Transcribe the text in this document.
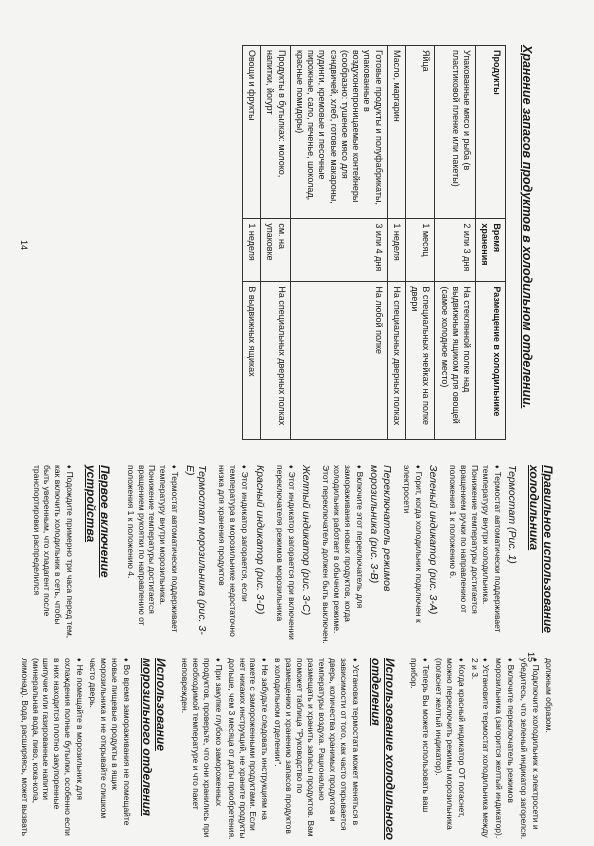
Хранение запасов продуктов в холодильном отделении.
Продукты	Время хранения	Размещение в холодильнике
Упакованные мясо и рыба (в пластиковой пленке или пакеты)	2 или 3 дня	На стеклянной полке над выдвижным ящиком для овощей (самое холодное место)
Яйца	1 месяц	В специальных ячейках на полке двери
Масло, маргарин	1 неделя	На специальных дверных полках
Готовые продукты и полуфабрикаты, упакованные в воздухонепроницаемые контейнеры (сообразно: тушеное мясо для сэндвичей, хлеб, готовые макароны, пудинги, кремовые и песочные пирожные, сало, печенье, шоколад, красные помидоры)	3 или 4 дня	На любой полке
Продукты в бутылках: молоко, напитки, йогурт	см. на упаковке	На специальных дверных полках
Овощи и фрукты	1 неделя	В выдвижных ящиках
14
Правильное использование холодильника
Термостат (Рис. 1)
♦ Термостат автоматически поддерживает температуру внутри холодильника. Понижение температуры достигается вращением ручки по направлению от положения 1 к положению 6.
Зеленый индикатор (рис. 3-A)
♦ Горит, когда холодильник подключен к электросети
Переключатель режимов морозильника (рис. 3-B)
♦ Включите этот переключатель для замораживания новых продуктов, когда холодильник работает в обычном режиме. Этот переключатель должен быть выключен.
Желтый индикатор (рис. 3-C)
♦ Этот индикатор загорается при включении переключателя режимов морозильника
Красный индикатор (рис. 3-D)
♦ Этот индикатор загорается, если температура в морозильнике недостаточно низка для хранения продуктов
Термостат морозильника (рис. 3-E)
♦ Термостат автоматически поддерживает температуру внутри морозильника. Понижение температуры достигается вращением рукоятки по направлению от положения 1 к положению 4.
Первое включение устройства
♦ Подождите примерно три часа перед тем, как включить холодильник в сеть, чтобы быть уверенным, что хладагент после транспортировки распределился
должным образом.
♦ Подключите холодильник к электросети и убедитесь, что зеленый индикатор загорелся.
♦ Включите переключатель режимов морозильника (загорится желтый индикатор).
♦ Установите термостат холодильника между 2 и 3.
♦ Когда красный индикатор ОТ погаснет, можно переключить режимы морозильника (погаснет желтый индикатор).
♦ Теперь Вы можете использовать ваш прибор.
Использование холодильного отделения
♦ Установка термостата может меняться в зависимости от того, как часто открывается дверь, количества хранимых продуктов и температуры воздуха. Рационально размещать и хранить запасы продуктов. Вам поможет таблица "Руководство по размещению и хранению запасов продуктов в холодильном отделении".
♦ Не забудьте следовать инструкциям на пакете с замороженными продуктами. Если нет никаких инструкций, не храните продукты дольше, чем 3 месяца от даты приобретения.
♦ При закупке глубоко замороженных продуктов, проверьте, что они хранились при необходимой температуре и что пакет неповрежден.
Использование морозильного отделения
♦ Во время замораживания не помещайте новые пищевые продукты в ящик морозильника и не открывайте слишком часто дверь.
♦ Не помещайте в морозильник для охлаждения полные бутылки, особенно если в них находится плотно закупоренные шипучие или газированные напитки (минеральная вода, пиво, кока-кола, лимонад). Вода, расширяясь, может вызвать
15
